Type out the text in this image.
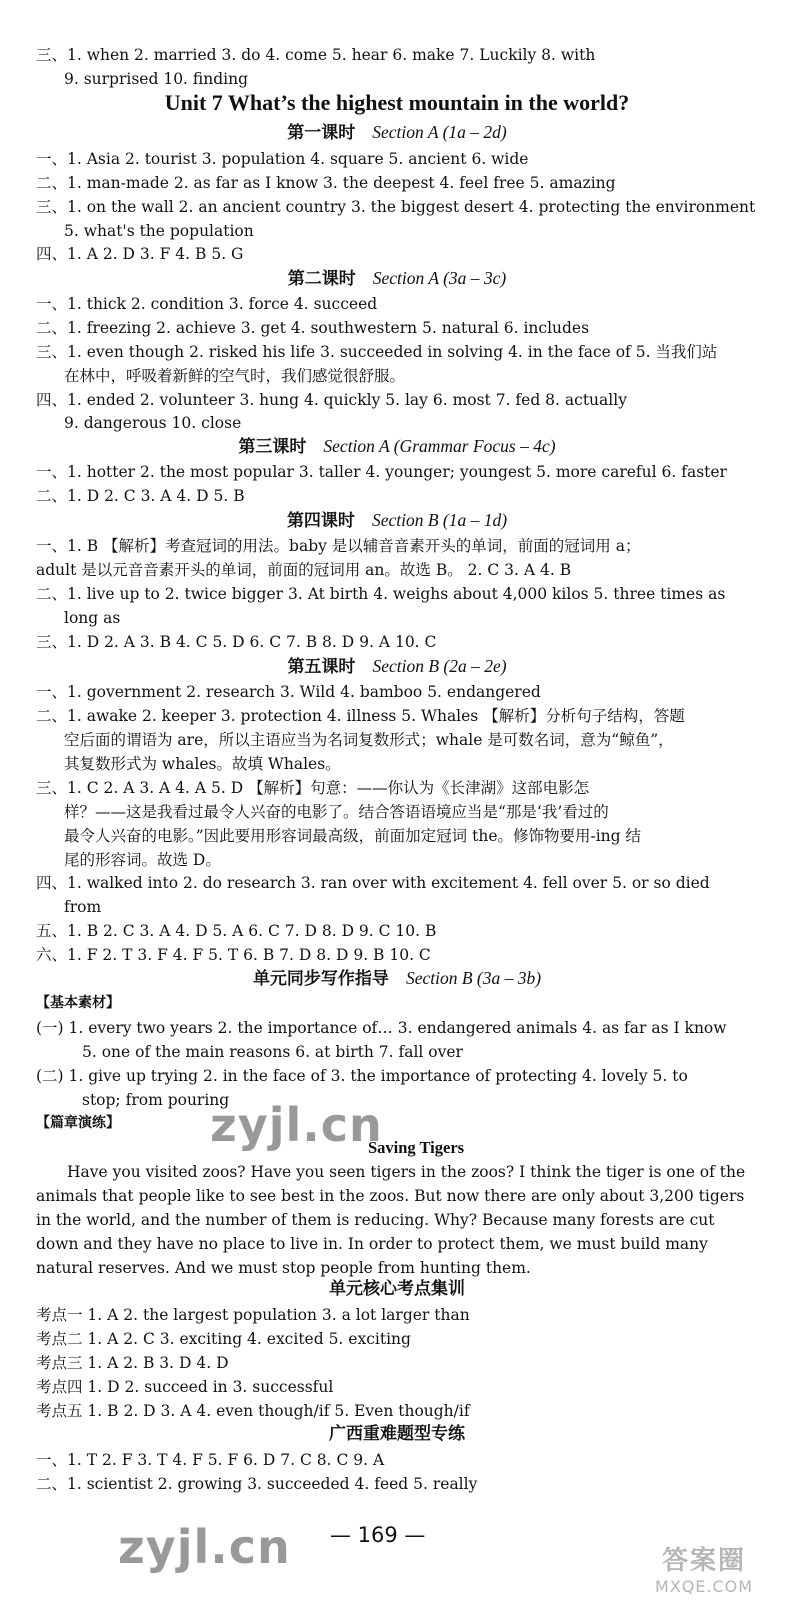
三、1. when 2. married 3. do 4. come 5. hear 6. make 7. Luckily 8. with
9. surprised 10. finding
一、1. Asia 2. tourist 3. population 4. square 5. ancient 6. wide
二、1. man-made 2. as far as I know 3. the deepest 4. feel free 5. amazing
三、1. on the wall 2. an ancient country 3. the biggest desert 4. protecting the environment
5. what's the population
四、1. A 2. D 3. F 4. B 5. G
一、1. thick 2. condition 3. force 4. succeed
二、1. freezing 2. achieve 3. get 4. southwestern 5. natural 6. includes
三、1. even though 2. risked his life 3. succeeded in solving 4. in the face of 5. 当我们站
在林中，呼吸着新鲜的空气时，我们感觉很舒服。
四、1. ended 2. volunteer 3. hung 4. quickly 5. lay 6. most 7. fed 8. actually
9. dangerous 10. close
一、1. hotter 2. the most popular 3. taller 4. younger; youngest 5. more careful 6. faster
二、1. D 2. C 3. A 4. D 5. B
adult 是以元音音素开头的单词，前面的冠词用 an。故选 B。 2. C 3. A 4. B
二、1. live up to 2. twice bigger 3. At birth 4. weighs about 4,000 kilos 5. three times as
long as
三、1. D 2. A 3. B 4. C 5. D 6. C 7. B 8. D 9. A 10. C
一、1. government 2. research 3. Wild 4. bamboo 5. endangered
二、1. awake 2. keeper 3. protection 4. illness 5. Whales 【解析】分析句子结构，答题
空后面的谓语为 are，所以主语应当为名词复数形式；whale 是可数名词，意为“鲸鱼”，
其复数形式为 whales。故填 Whales。
三、1. C 2. A 3. A 4. A 5. D 【解析】句意：——你认为《长津湖》这部电影怎
样？——这是我看过最令人兴奋的电影了。结合答语语境应当是“那是‘我’看过的
最令人兴奋的电影。”因此要用形容词最高级，前面加定冠词 the。修饰物要用-ing 结
尾的形容词。故选 D。
四、1. walked into 2. do research 3. ran over with excitement 4. fell over 5. or so died
from
五、1. B 2. C 3. A 4. D 5. A 6. C 7. D 8. D 9. C 10. B
六、1. F 2. T 3. F 4. F 5. T 6. B 7. D 8. D 9. B 10. C
(一) 1. every two years 2. the importance of… 3. endangered animals 4. as far as I know
5. one of the main reasons 6. at birth 7. fall over
(二) 1. give up trying 2. in the face of 3. the importance of protecting 4. lovely 5. to
stop; from pouring
考点一 1. A 2. the largest population 3. a lot larger than
考点二 1. A 2. C 3. exciting 4. excited 5. exciting
考点三 1. A 2. B 3. D 4. D
考点四 1. D 2. succeed in 3. successful
考点五 1. B 2. D 3. A 4. even though/if 5. Even though/if
一、1. T 2. F 3. T 4. F 5. F 6. D 7. C 8. C 9. A
二、1. scientist 2. growing 3. succeeded 4. feed 5. really
第一课时  Section A (1a – 2d)
第二课时  Section A (3a – 3c)
第三课时  Section A (Grammar Focus – 4c)
第四课时  Section B (1a – 1d)
第五课时  Section B (2a – 2e)
单元同步写作指导  Section B (3a – 3b)
单元核心考点集训
广西重难题型专练
【基本素材】
【篇章演练】
Unit 7 What’s the highest mountain in the world?
一、1. B 【解析】考查冠词的用法。baby 是以辅音音素开头的单词，前面的冠词用 a；
Saving Tigers
Have you visited zoos? Have you seen tigers in the zoos? I think the tiger is one of the animals that people like to see best in the zoos. But now there are only about 3,200 tigers in the world, and the number of them is reducing. Why? Because many forests are cut down and they have no place to live in. In order to protect them, we must build many natural reserves. And we must stop people from hunting them.
— 169 —
zyjl.cn
zyjl.cn	答案圈
MXQE.COM
